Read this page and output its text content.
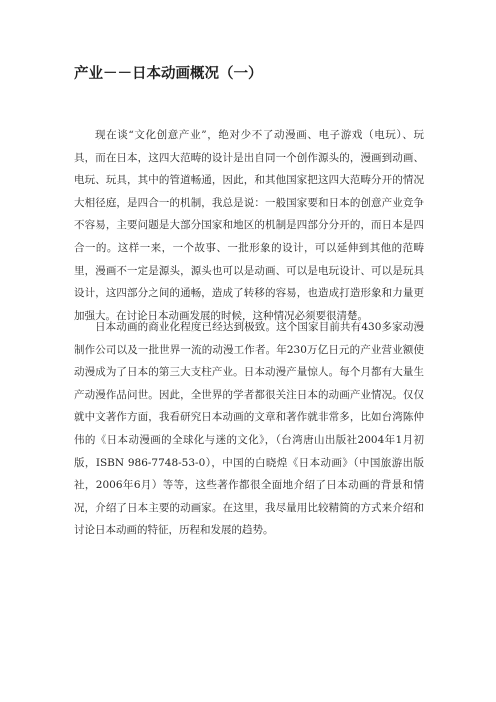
产业－－日本动画概况（一）

现在谈“文化创意产业”，绝对少不了动漫画、电子游戏（电玩）、玩具，而在日本，这四大范畴的设计是出自同一个创作源头的，漫画到动画、电玩、玩具，其中的管道畅通，因此，和其他国家把这四大范畴分开的情况大相径庭，是四合一的机制，我总是说：一般国家要和日本的创意产业竞争不容易，主要问题是大部分国家和地区的机制是四部分分开的，而日本是四合一的。这样一来，一个故事、一批形象的设计，可以延伸到其他的范畴里，漫画不一定是源头，源头也可以是动画、可以是电玩设计、可以是玩具设计，这四部分之间的通畅，造成了转移的容易，也造成打造形象和力量更加强大。在讨论日本动画发展的时候，这种情况必须要很清楚。

日本动画的商业化程度已经达到极致。这个国家目前共有430多家动漫制作公司以及一批世界一流的动漫工作者。年230万亿日元的产业营业额使动漫成为了日本的第三大支柱产业。日本动漫产量惊人。每个月都有大量生产动漫作品问世。因此，全世界的学者都很关注日本的动画产业情况。仅仅就中文著作方面，我看研究日本动画的文章和著作就非常多，比如台湾陈仲伟的《日本动漫画的全球化与迷的文化》，（台湾唐山出版社2004年1月初版，ISBN 986-7748-53-0），中国的白晓煌《日本动画》（中国旅游出版社，2006年6月）等等，这些著作都很全面地介绍了日本动画的背景和情况，介绍了日本主要的动画家。在这里，我尽量用比较精简的方式来介绍和讨论日本动画的特征，历程和发展的趋势。
